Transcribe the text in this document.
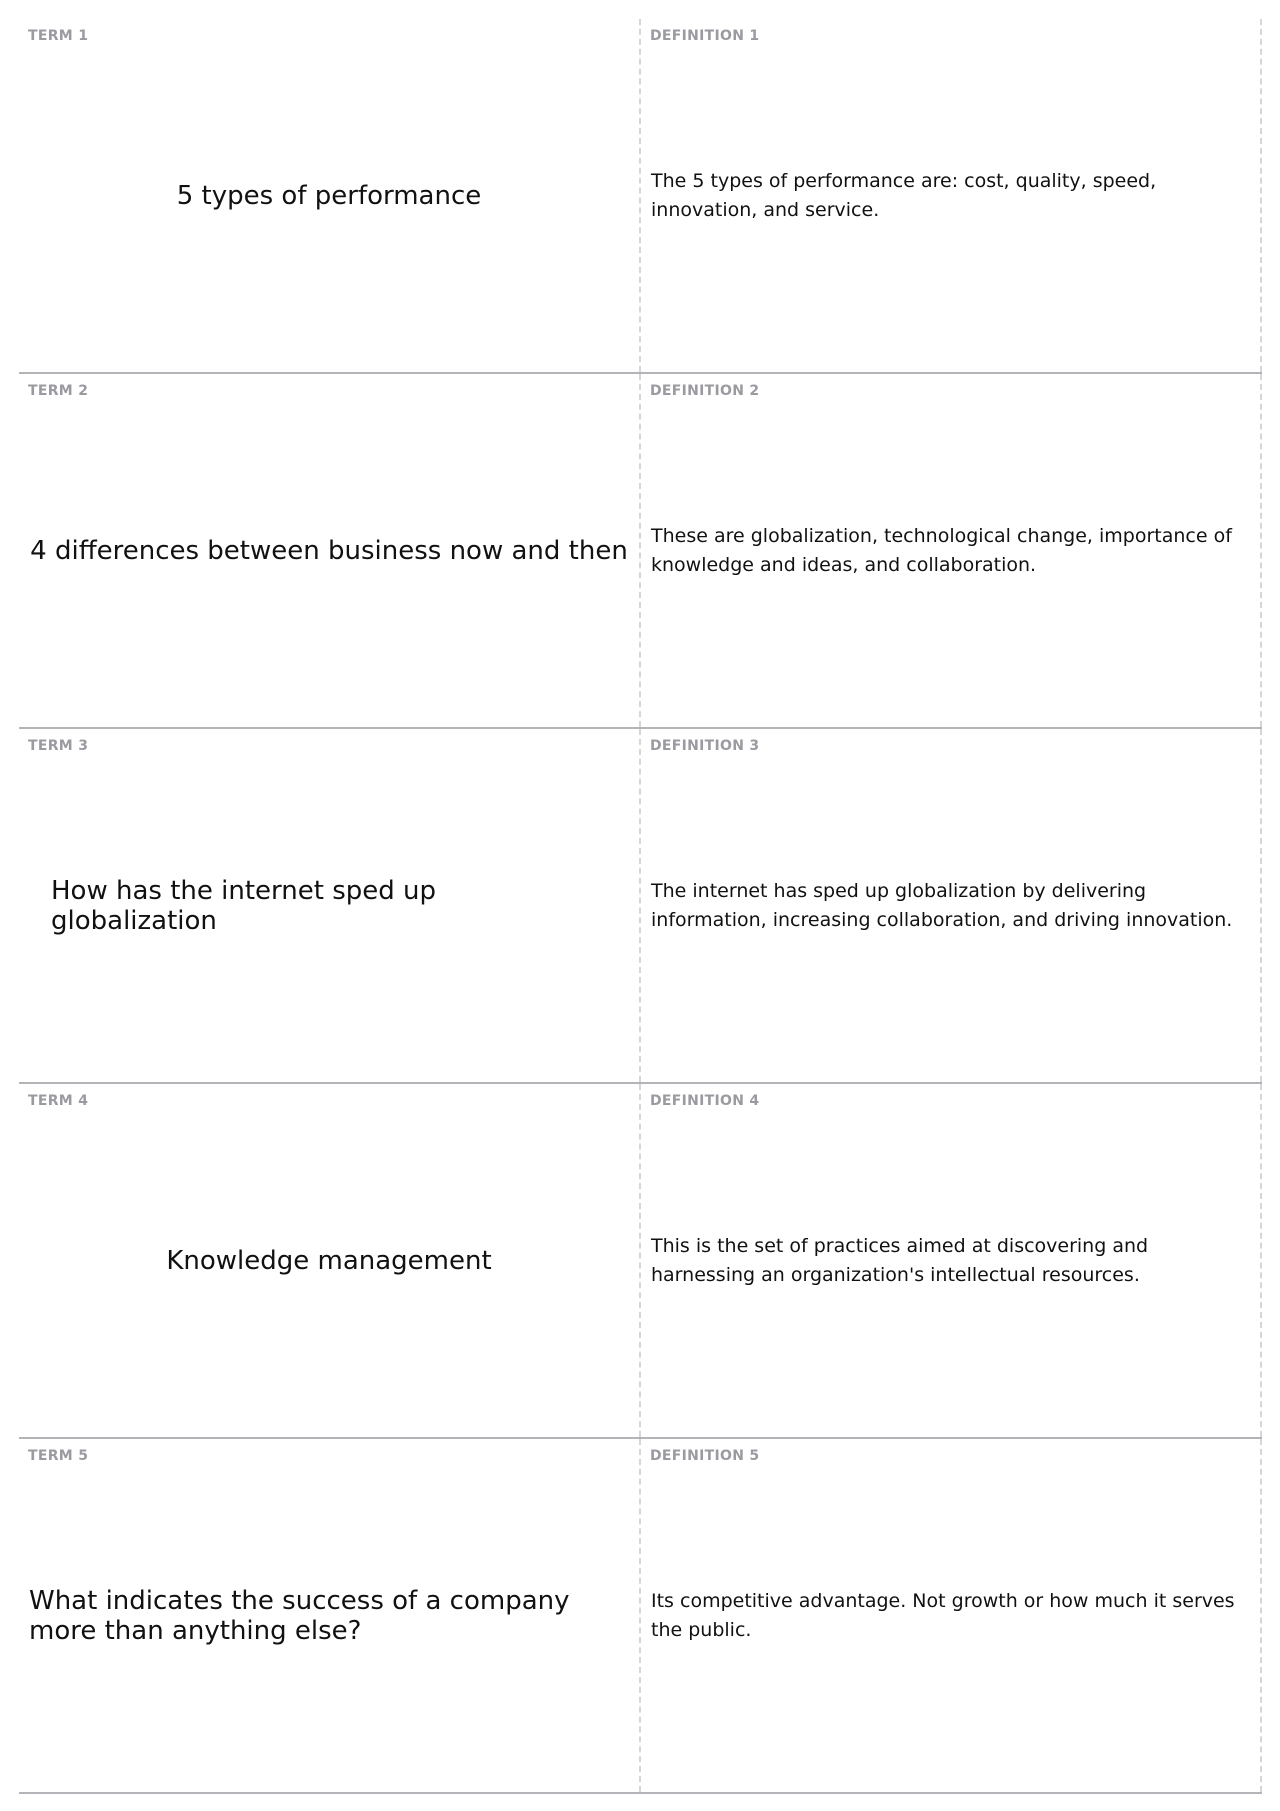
TERM 1
5 types of performance
DEFINITION 1
The 5 types of performance are: cost, quality, speed, innovation, and service.
TERM 2
4 differences between business now and then
DEFINITION 2
These are globalization, technological change, importance of knowledge and ideas, and collaboration.
TERM 3
How has the internet sped up globalization
DEFINITION 3
The internet has sped up globalization by delivering information, increasing collaboration, and driving innovation.
TERM 4
Knowledge management
DEFINITION 4
This is the set of practices aimed at discovering and harnessing an organization's intellectual resources.
TERM 5
What indicates the success of a company more than anything else?
DEFINITION 5
Its competitive advantage. Not growth or how much it serves the public.
